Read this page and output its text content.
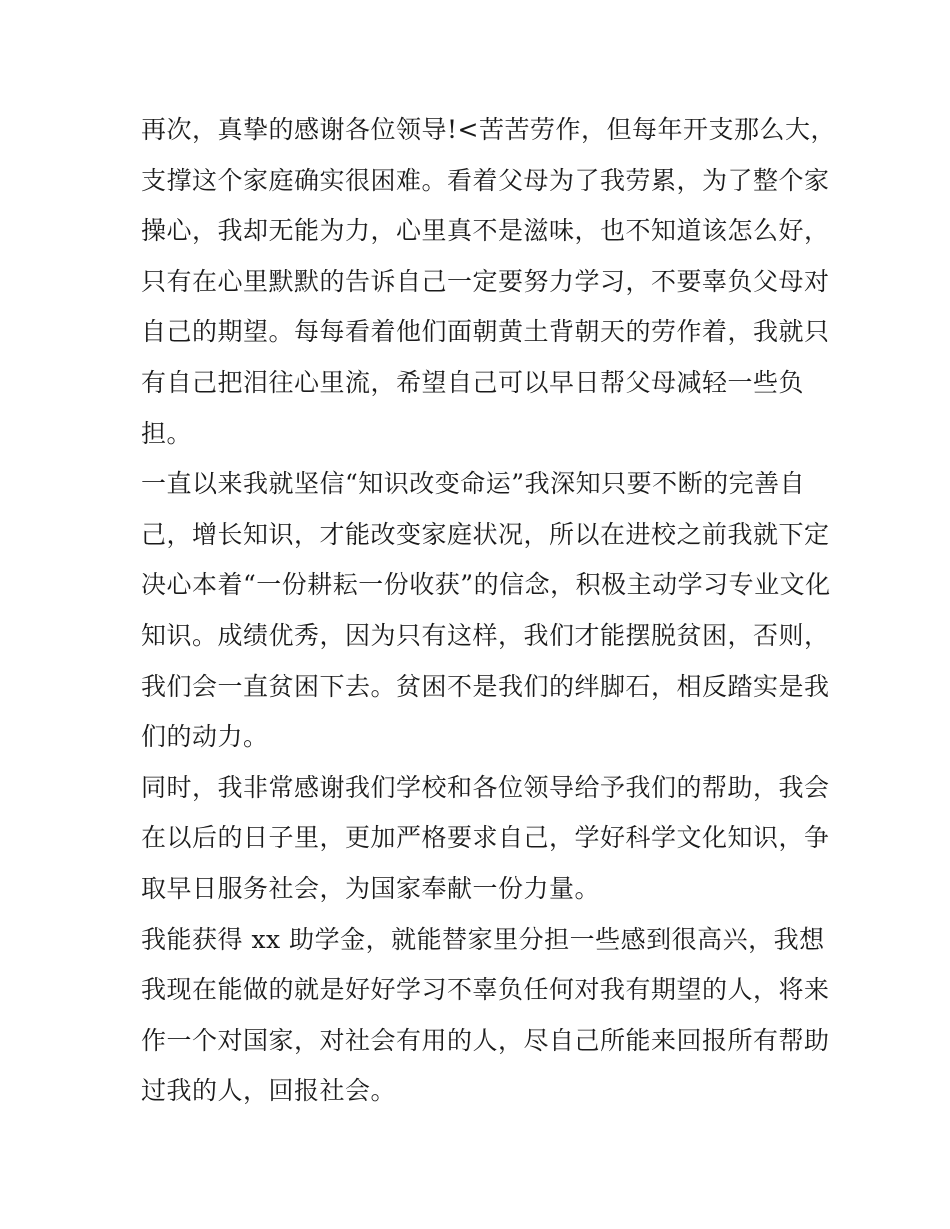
再次，真挚的感谢各位领导!<苦苦劳作，但每年开支那么大，
支撑这个家庭确实很困难。看着父母为了我劳累，为了整个家
操心，我却无能为力，心里真不是滋味，也不知道该怎么好，
只有在心里默默的告诉自己一定要努力学习，不要辜负父母对
自己的期望。每每看着他们面朝黄土背朝天的劳作着，我就只
有自己把泪往心里流，希望自己可以早日帮父母减轻一些负
担。
一直以来我就坚信“知识改变命运”我深知只要不断的完善自
己，增长知识，才能改变家庭状况，所以在进校之前我就下定
决心本着“一份耕耘一份收获”的信念，积极主动学习专业文化
知识。成绩优秀，因为只有这样，我们才能摆脱贫困，否则，
我们会一直贫困下去。贫困不是我们的绊脚石，相反踏实是我
们的动力。
同时，我非常感谢我们学校和各位领导给予我们的帮助，我会
在以后的日子里，更加严格要求自己，学好科学文化知识，争
取早日服务社会，为国家奉献一份力量。
我能获得 xx 助学金，就能替家里分担一些感到很高兴，我想
我现在能做的就是好好学习不辜负任何对我有期望的人，将来
作一个对国家，对社会有用的人，尽自己所能来回报所有帮助
过我的人，回报社会。
